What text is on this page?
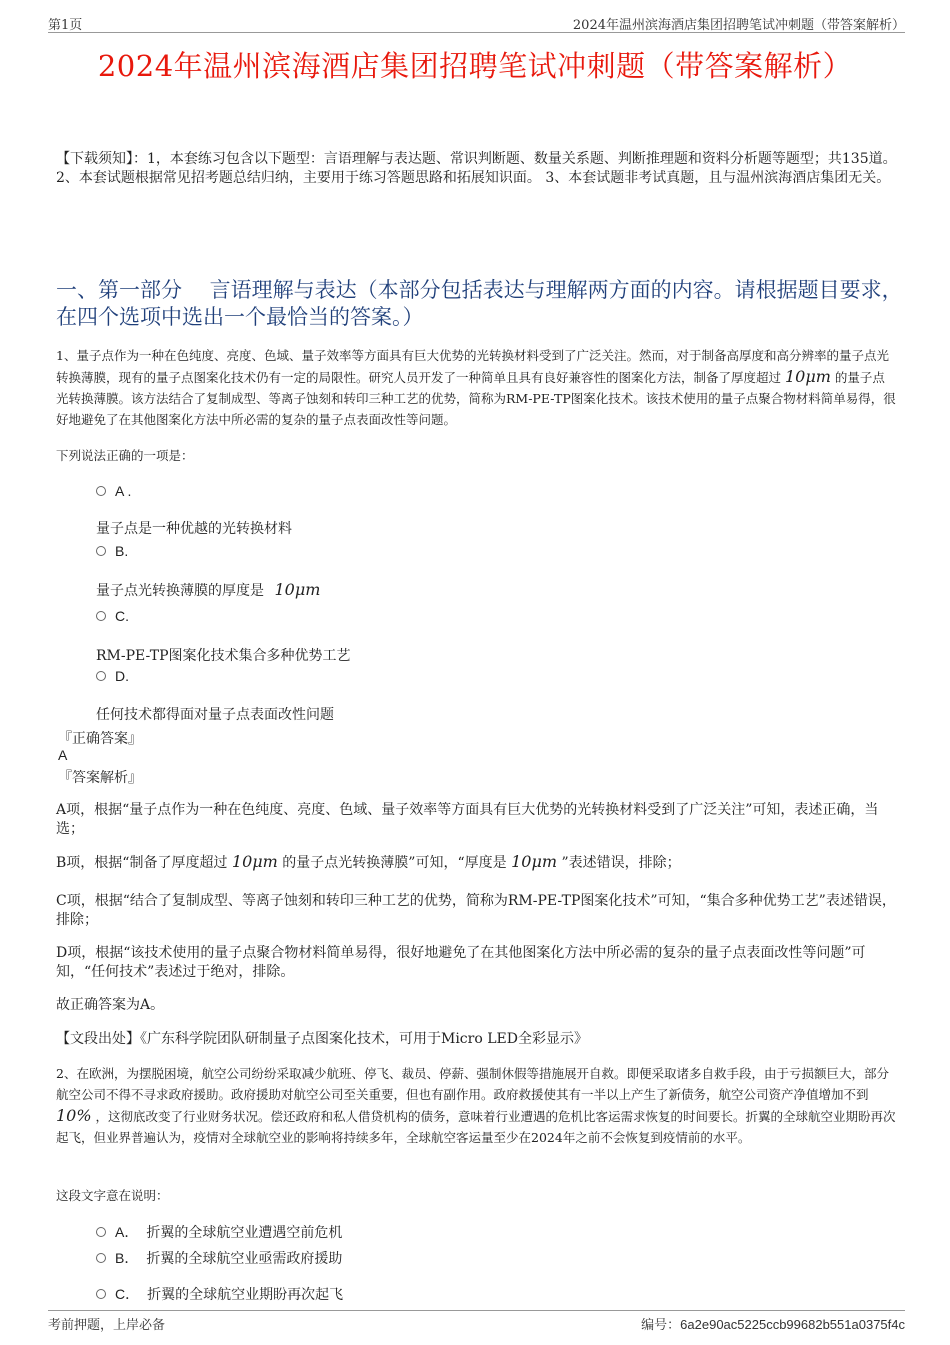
第1页	2024年温州滨海酒店集团招聘笔试冲刺题（带答案解析）
2024年温州滨海酒店集团招聘笔试冲刺题（带答案解析）
【下载须知】：1，本套练习包含以下题型：言语理解与表达题、常识判断题、数量关系题、判断推理题和资料分析题等题型；共135道。 2、本套试题根据常见招考题总结归纳，主要用于练习答题思路和拓展知识面。 3、本套试题非考试真题，且与温州滨海酒店集团无关。
一、第一部分　 言语理解与表达（本部分包括表达与理解两方面的内容。请根据题目要求，在四个选项中选出一个最恰当的答案。）
1、量子点作为一种在色纯度、亮度、色域、量子效率等方面具有巨大优势的光转换材料受到了广泛关注。然而，对于制备高厚度和高分辨率的量子点光转换薄膜，现有的量子点图案化技术仍有一定的局限性。研究人员开发了一种简单且具有良好兼容性的图案化方法，制备了厚度超过 10μm 的量子点光转换薄膜。该方法结合了复制成型、等离子蚀刻和转印三种工艺的优势，简称为RM-PE-TP图案化技术。该技术使用的量子点聚合物材料简单易得，很好地避免了在其他图案化方法中所必需的复杂的量子点表面改性等问题。
下列说法正确的一项是：
A .
量子点是一种优越的光转换材料
B.
量子点光转换薄膜的厚度是 10μm
C.
RM-PE-TP图案化技术集合多种优势工艺
D.
任何技术都得面对量子点表面改性问题
『正确答案』
A
『答案解析』
A项，根据“量子点作为一种在色纯度、亮度、色域、量子效率等方面具有巨大优势的光转换材料受到了广泛关注”可知，表述正确，当选；
B项，根据“制备了厚度超过 10μm 的量子点光转换薄膜”可知，“厚度是 10μm ”表述错误，排除；
C项，根据“结合了复制成型、等离子蚀刻和转印三种工艺的优势，简称为RM-PE-TP图案化技术”可知，“集合多种优势工艺”表述错误，排除；
D项，根据“该技术使用的量子点聚合物材料简单易得，很好地避免了在其他图案化方法中所必需的复杂的量子点表面改性等问题”可知，“任何技术”表述过于绝对，排除。
故正确答案为A。
【文段出处】《广东科学院团队研制量子点图案化技术，可用于Micro LED全彩显示》
2、在欧洲，为摆脱困境，航空公司纷纷采取减少航班、停飞、裁员、停薪、强制休假等措施展开自救。即便采取诸多自救手段，由于亏损额巨大，部分航空公司不得不寻求政府援助。政府援助对航空公司至关重要，但也有副作用。政府救援使其有一半以上产生了新债务，航空公司资产净值增加不到 10% ，这彻底改变了行业财务状况。偿还政府和私人借贷机构的债务，意味着行业遭遇的危机比客运需求恢复的时间要长。折翼的全球航空业期盼再次起飞，但业界普遍认为，疫情对全球航空业的影响将持续多年，全球航空客运量至少在2024年之前不会恢复到疫情前的水平。
这段文字意在说明：
A． 折翼的全球航空业遭遇空前危机
B． 折翼的全球航空业亟需政府援助
C． 折翼的全球航空业期盼再次起飞
考前押题，上岸必备	编号：6a2e90ac5225ccb99682b551a0375f4c
